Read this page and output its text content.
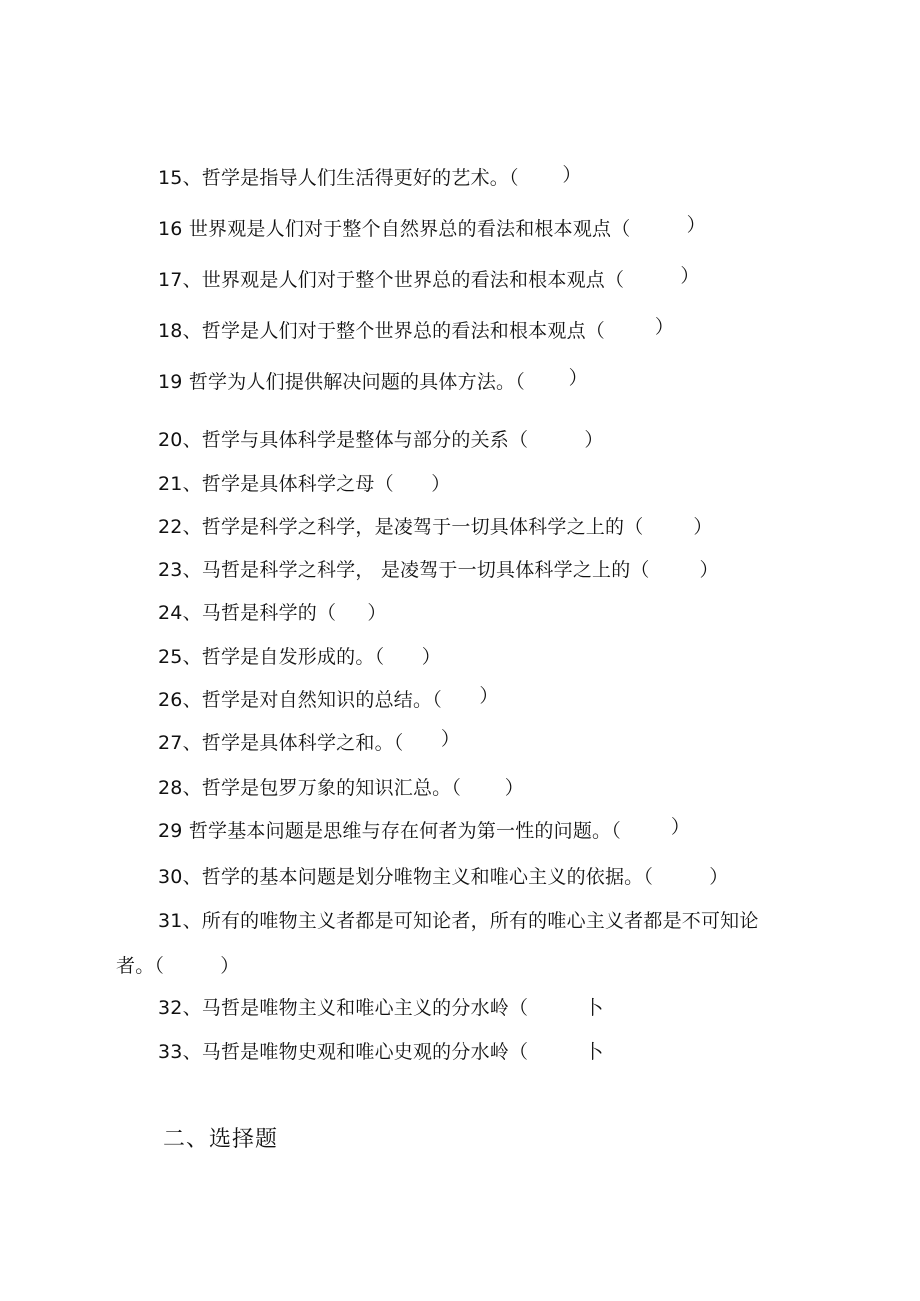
15、哲学是指导人们生活得更好的艺术。（ ）
16 世界观是人们对于整个自然界总的看法和根本观点（	）
17、世界观是人们对于整个世界总的看法和根本观点（	）
18、哲学是人们对于整个世界总的看法和根本观点（	）
19 哲学为人们提供解决问题的具体方法。（ ）
20、哲学与具体科学是整体与部分的关系（	）
21、哲学是具体科学之母（ ）
22、哲学是科学之科学，是凌驾于一切具体科学之上的（	）
23、马哲是科学之科学， 是凌驾于一切具体科学之上的（	）
24、马哲是科学的（ ）
25、哲学是自发形成的。（ ）
26、哲学是对自然知识的总结。（ ）
27、哲学是具体科学之和。（ ）
28、哲学是包罗万象的知识汇总。（ ）
29 哲学基本问题是思维与存在何者为第一性的问题。（	）
30、哲学的基本问题是划分唯物主义和唯心主义的依据。（	）
31、所有的唯物主义者都是可知论者，所有的唯心主义者都是不可知论
者。（	）
32、马哲是唯物主义和唯心主义的分水岭（	卜
33、马哲是唯物史观和唯心史观的分水岭（	卜
二、选择题
